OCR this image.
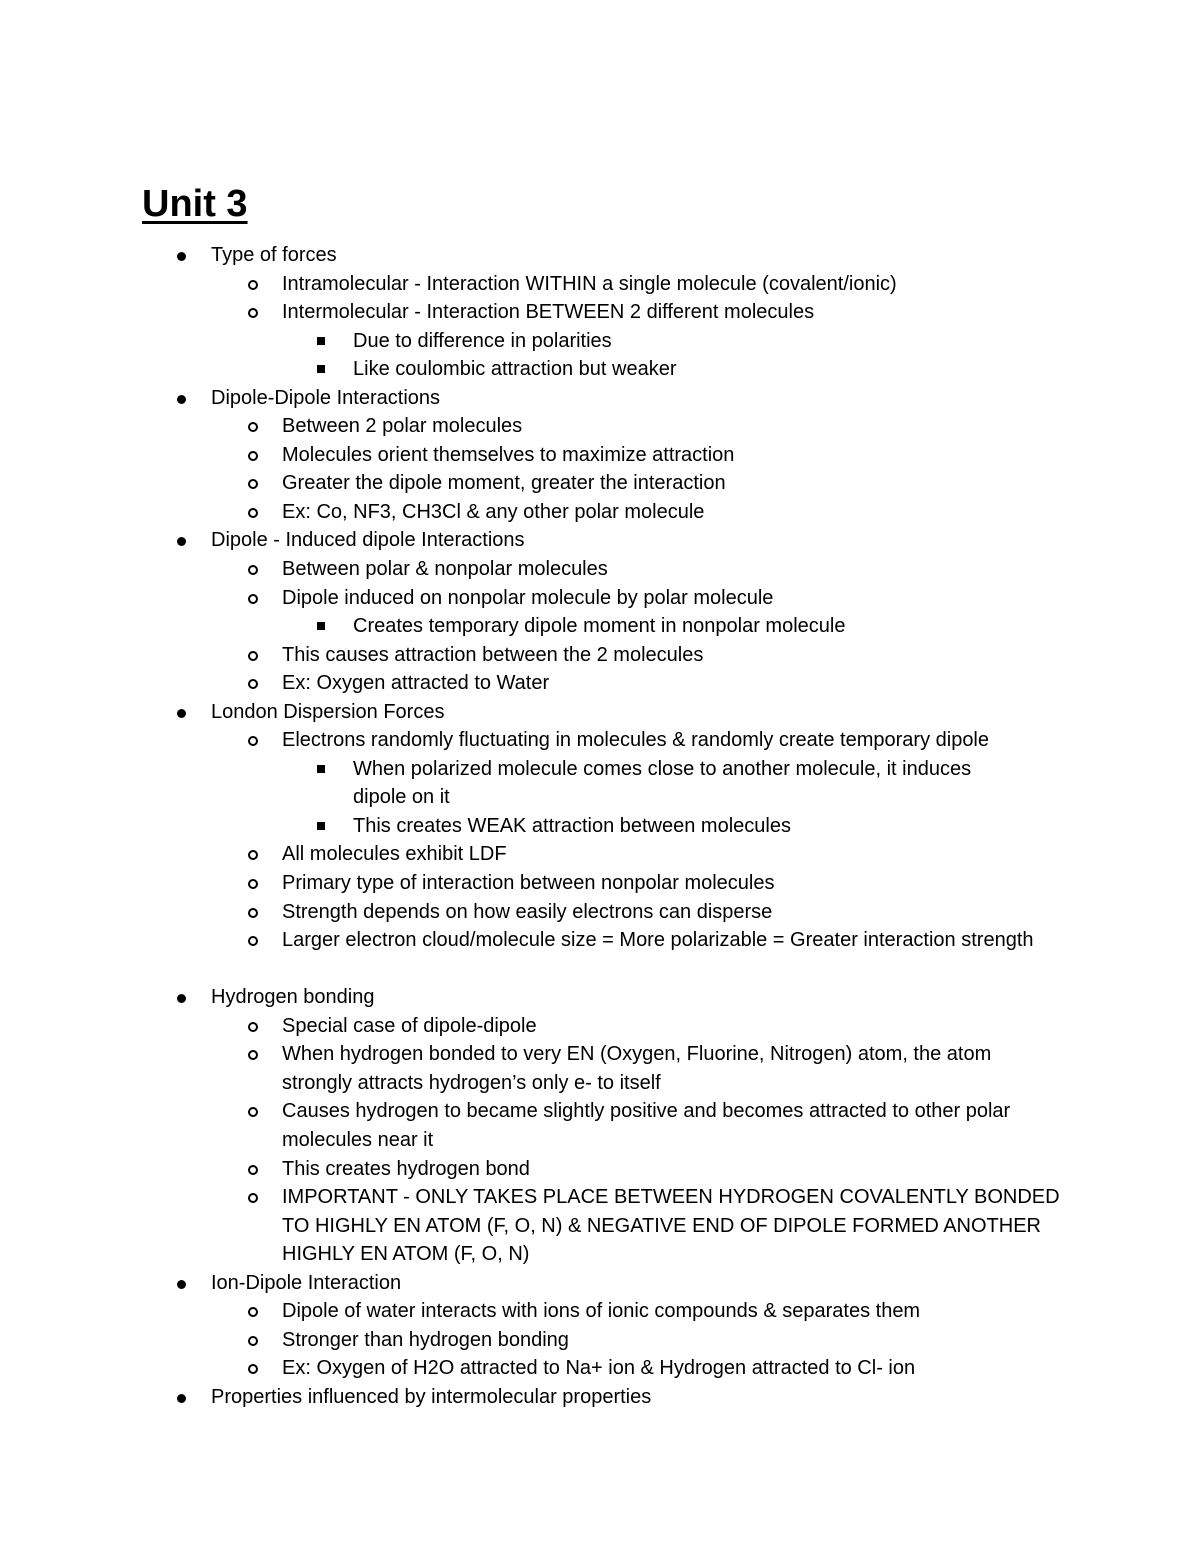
Unit 3
Type of forces
Intramolecular - Interaction WITHIN a single molecule (covalent/ionic)
Intermolecular - Interaction BETWEEN 2 different molecules
Due to difference in polarities
Like coulombic attraction but weaker
Dipole-Dipole Interactions
Between 2 polar molecules
Molecules orient themselves to maximize attraction
Greater the dipole moment, greater the interaction
Ex: Co, NF3, CH3Cl & any other polar molecule
Dipole - Induced dipole Interactions
Between polar & nonpolar molecules
Dipole induced on nonpolar molecule by polar molecule
Creates temporary dipole moment in nonpolar molecule
This causes attraction between the 2 molecules
Ex: Oxygen attracted to Water
London Dispersion Forces
Electrons randomly fluctuating in molecules & randomly create temporary dipole
When polarized molecule comes close to another molecule, it induces dipole on it
This creates WEAK attraction between molecules
All molecules exhibit LDF
Primary type of interaction between nonpolar molecules
Strength depends on how easily electrons can disperse
Larger electron cloud/molecule size = More polarizable = Greater interaction strength
Hydrogen bonding
Special case of dipole-dipole
When hydrogen bonded to very EN (Oxygen, Fluorine, Nitrogen) atom, the atom strongly attracts hydrogen’s only e- to itself
Causes hydrogen to became slightly positive and becomes attracted to other polar molecules near it
This creates hydrogen bond
IMPORTANT - ONLY TAKES PLACE BETWEEN HYDROGEN COVALENTLY BONDED TO HIGHLY EN ATOM (F, O, N) & NEGATIVE END OF DIPOLE FORMED ANOTHER HIGHLY EN ATOM (F, O, N)
Ion-Dipole Interaction
Dipole of water interacts with ions of ionic compounds & separates them
Stronger than hydrogen bonding
Ex: Oxygen of H2O attracted to Na+ ion & Hydrogen attracted to Cl- ion
Properties influenced by intermolecular properties
